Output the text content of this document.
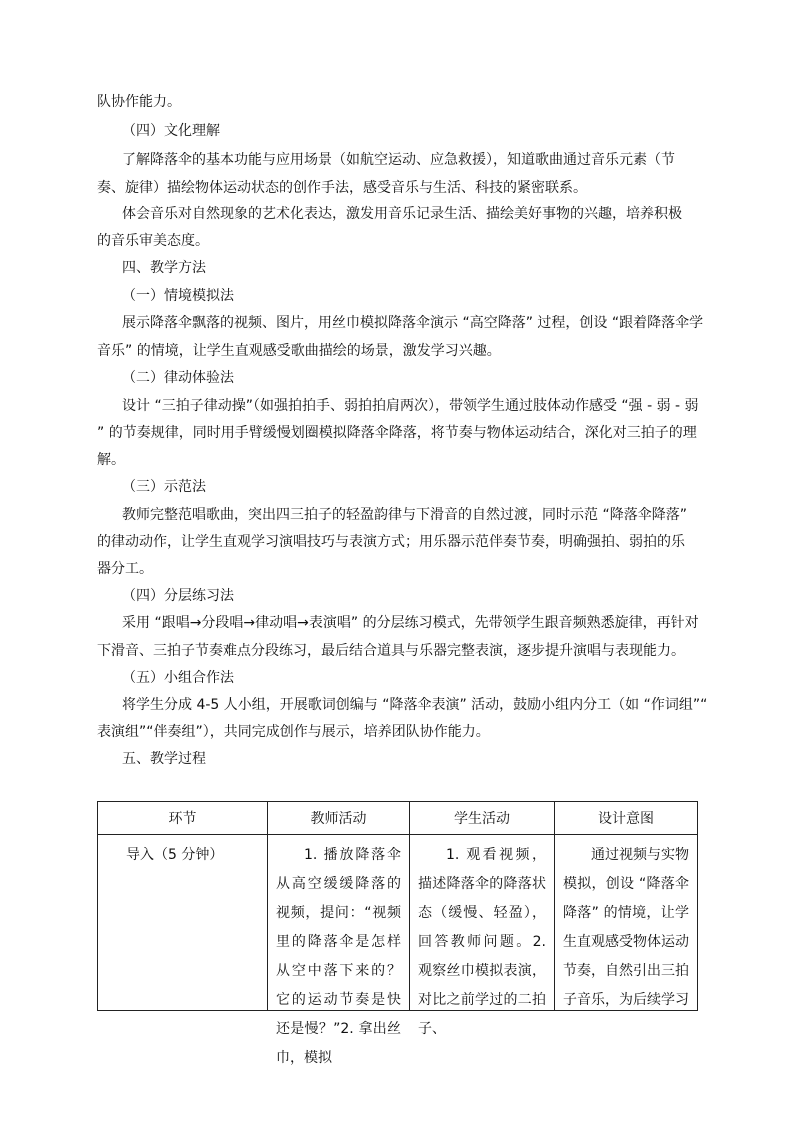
队协作能力。
（四）文化理解
了解降落伞的基本功能与应用场景（如航空运动、应急救援），知道歌曲通过音乐元素（节
奏、旋律）描绘物体运动状态的创作手法，感受音乐与生活、科技的紧密联系。
体会音乐对自然现象的艺术化表达，激发用音乐记录生活、描绘美好事物的兴趣，培养积极
的音乐审美态度。
四、教学方法
（一）情境模拟法
展示降落伞飘落的视频、图片，用丝巾模拟降落伞演示 “高空降落” 过程，创设 “跟着降落伞学
音乐” 的情境，让学生直观感受歌曲描绘的场景，激发学习兴趣。
（二）律动体验法
设计 “三拍子律动操”（如强拍拍手、弱拍拍肩两次），带领学生通过肢体动作感受 “强 - 弱 - 弱
” 的节奏规律，同时用手臂缓慢划圈模拟降落伞降落，将节奏与物体运动结合，深化对三拍子的理
解。
（三）示范法
教师完整范唱歌曲，突出四三拍子的轻盈韵律与下滑音的自然过渡，同时示范 “降落伞降落”
的律动动作，让学生直观学习演唱技巧与表演方式；用乐器示范伴奏节奏，明确强拍、弱拍的乐
器分工。
（四）分层练习法
采用 “跟唱→分段唱→律动唱→表演唱” 的分层练习模式，先带领学生跟音频熟悉旋律，再针对
下滑音、三拍子节奏难点分段练习，最后结合道具与乐器完整表演，逐步提升演唱与表现能力。
（五）小组合作法
将学生分成 4-5 人小组，开展歌词创编与 “降落伞表演” 活动，鼓励小组内分工（如 “作词组”“
表演组”“伴奏组”），共同完成创作与展示，培养团队协作能力。
五、教学过程
环节	教师活动	学生活动	设计意图

导入（5 分钟）	1. 播放降落伞从高空缓缓降落的视频，提问：“视频里的降落伞是怎样从空中落下来的？它的运动节奏是快还是慢？”2. 拿出丝巾，模拟	1. 观看视频，描述降落伞的降落状态（缓慢、轻盈），回答教师问题。2. 观察丝巾模拟表演，对比之前学过的二拍子、	通过视频与实物模拟，创设 “降落伞降落” 的情境，让学生直观感受物体运动节奏，自然引出三拍子音乐，为后续学习
